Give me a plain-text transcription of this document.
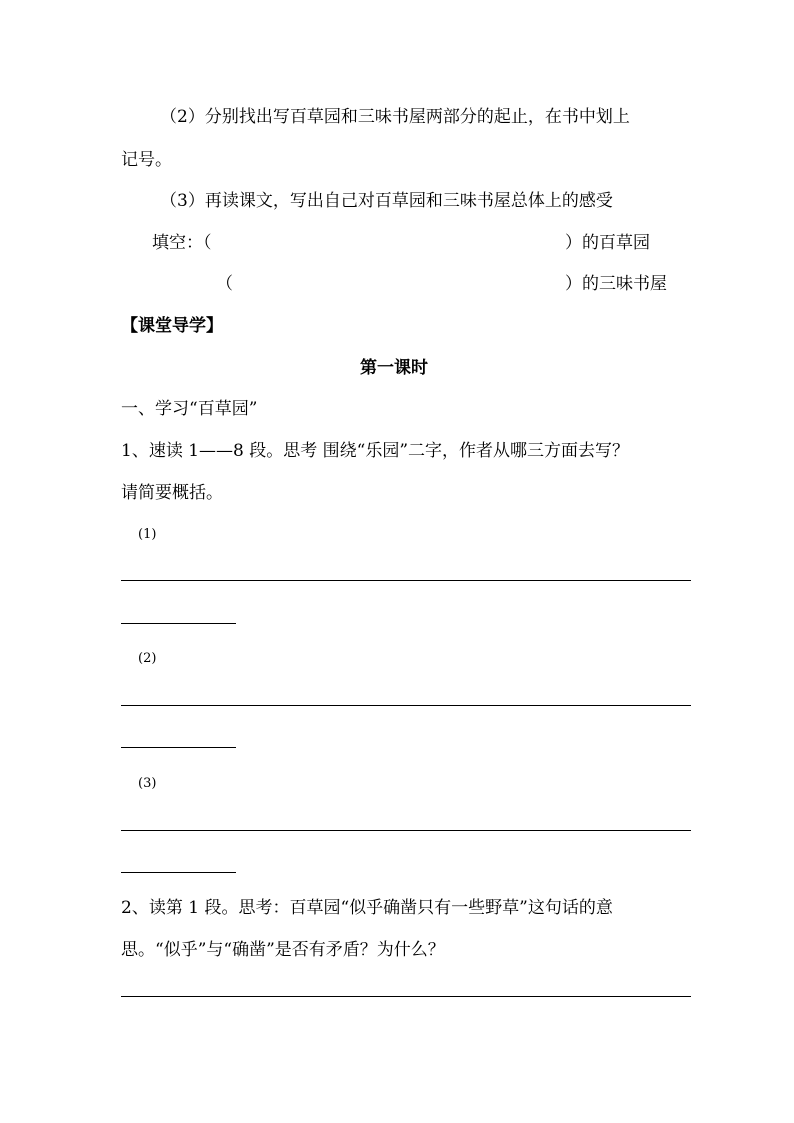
（2）分别找出写百草园和三味书屋两部分的起止，在书中划上
记号。
（3）再读课文，写出自己对百草园和三味书屋总体上的感受
填空：（	）的百草园
（	）的三味书屋
【课堂导学】
第一课时
一、学习“百草园”
1、速读 1——8 段。思考 围绕“乐园”二字，作者从哪三方面去写？
请简要概括。
(1)
(2)
(3)
2、读第 1 段。思考：百草园“似乎确凿只有一些野草”这句话的意
思。“似乎”与“确凿”是否有矛盾？为什么？
